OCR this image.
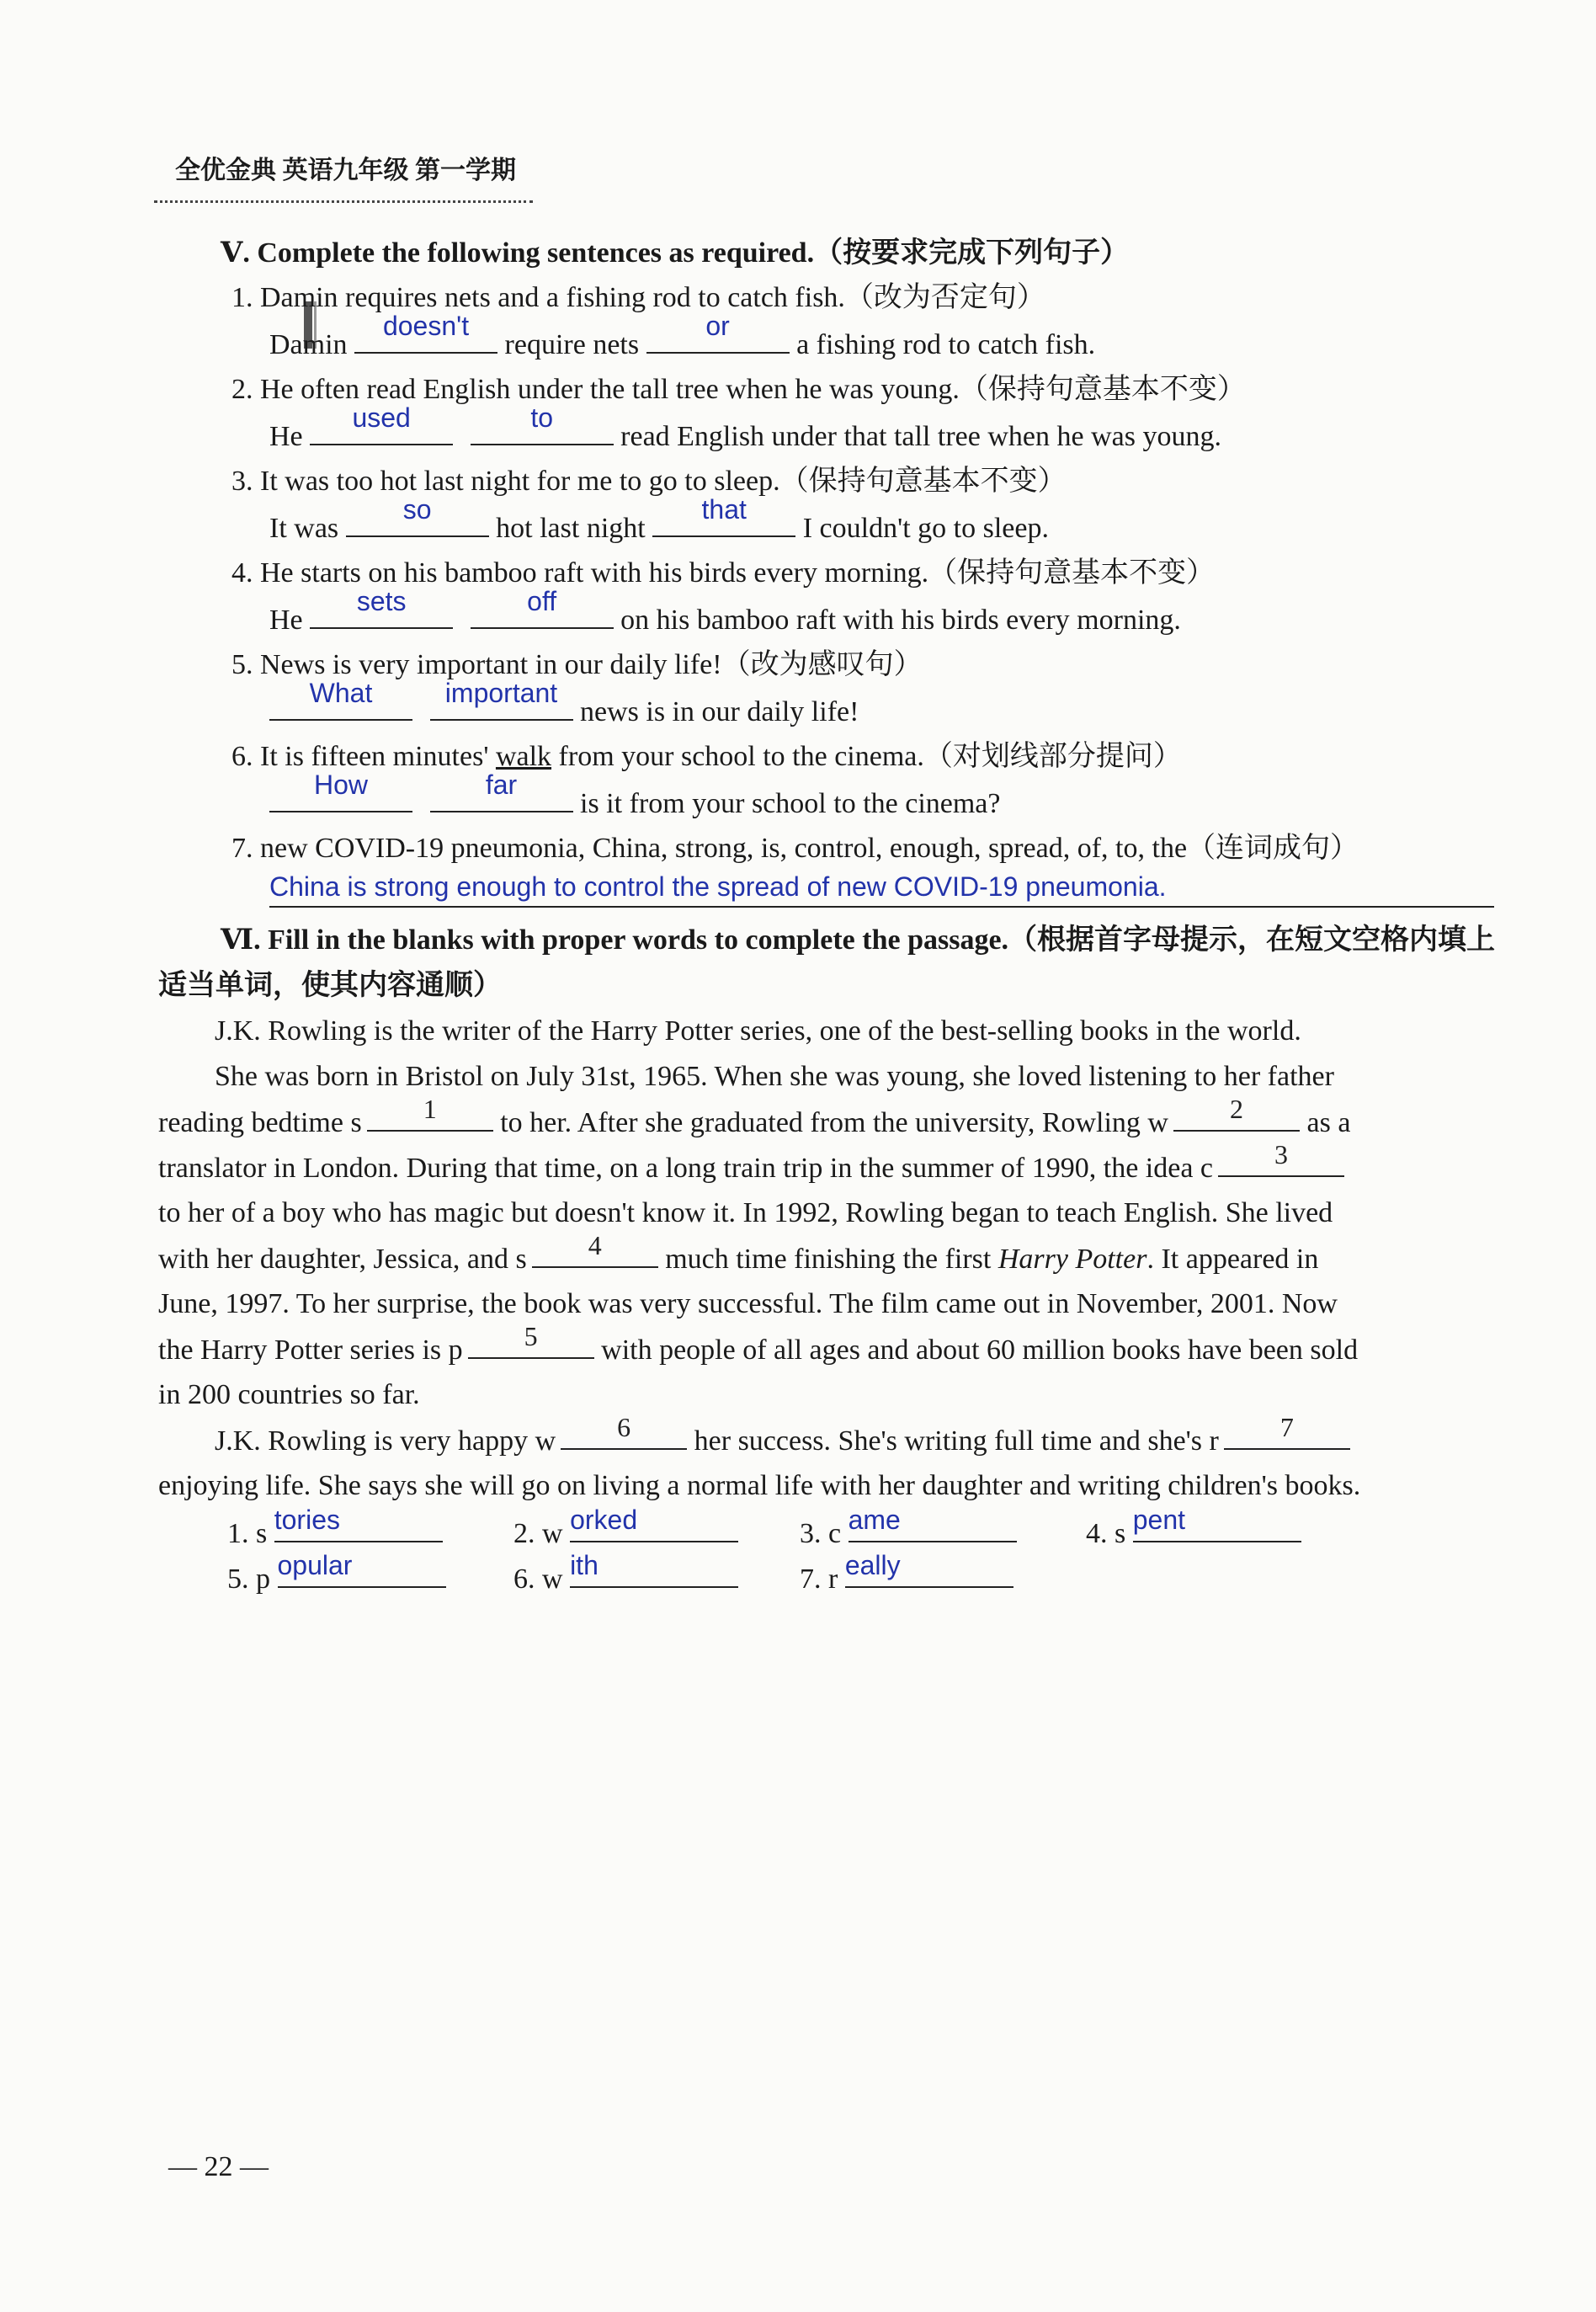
全优金典 英语九年级 第一学期
Ⅴ. Complete the following sentences as required.（按要求完成下列句子）
1. Damin requires nets and a fishing rod to catch fish.（改为否定句）
Damin
doesn't
require nets
or
a fishing rod to catch fish.
2. He often read English under the tall tree when he was young.（保持句意基本不变）
He
used
	to
read English under that tall tree when he was young.
3. It was too hot last night for me to go to sleep.（保持句意基本不变）
It was
so
hot last night
that
I couldn't go to sleep.
4. He starts on his bamboo raft with his birds every morning.（保持句意基本不变）
He
sets
	off
on his bamboo raft with his birds every morning.
5. News is very important in our daily life!（改为感叹句）
What
	important
news is in our daily life!
6. It is fifteen minutes' walk from your school to the cinema.（对划线部分提问）
How
	far
is it from your school to the cinema?
7. new COVID-19 pneumonia, China, strong, is, control, enough, spread, of, to, the（连词成句）
China is strong enough to control the spread of new COVID-19 pneumonia.
Ⅵ. Fill in the blanks with proper words to complete the passage.（根据首字母提示，在短文空格内填上
适当单词，使其内容通顺）
J.K. Rowling is the writer of the Harry Potter series, one of the best-selling books in the world.
She was born in Bristol on July 31st, 1965. When she was young, she loved listening to her father
reading bedtime s	1	to her. After she graduated from the university, Rowling w	2	as a
translator in London. During that time, on a long train trip in the summer of 1990, the idea c	3
to her of a boy who has magic but doesn't know it. In 1992, Rowling began to teach English. She lived
with her daughter, Jessica, and s	4	much time finishing the first Harry Potter. It appeared in
June, 1997. To her surprise, the book was very successful. The film came out in November, 2001. Now
the Harry Potter series is p	5	with people of all ages and about 60 million books have been sold
in 200 countries so far.
J.K. Rowling is very happy w	6	her success. She's writing full time and she's r	7
enjoying life. She says she will go on living a normal life with her daughter and writing children's books.
1. s tories	2. w orked	3. c ame	4. s pent
5. p opular	6. w ith	7. r eally
— 22 —
